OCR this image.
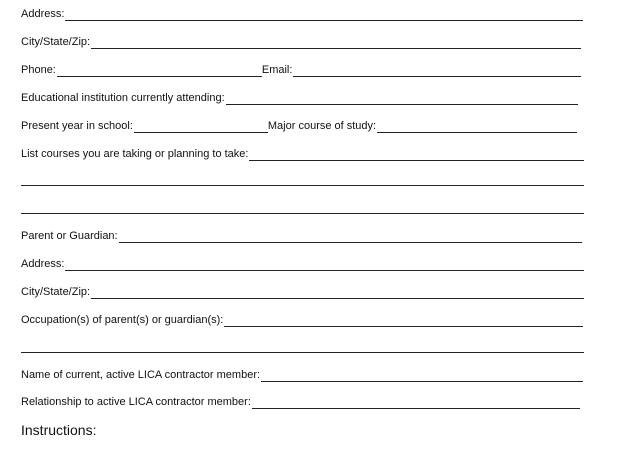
Address:
City/State/Zip:
Phone:	Email:
Educational institution currently attending:
Present year in school:	Major course of study:
List courses you are taking or planning to take:
Parent or Guardian:
Address:
City/State/Zip:
Occupation(s) of parent(s) or guardian(s):
Name of current, active LICA contractor member:
Relationship to active LICA contractor member:
Instructions:
